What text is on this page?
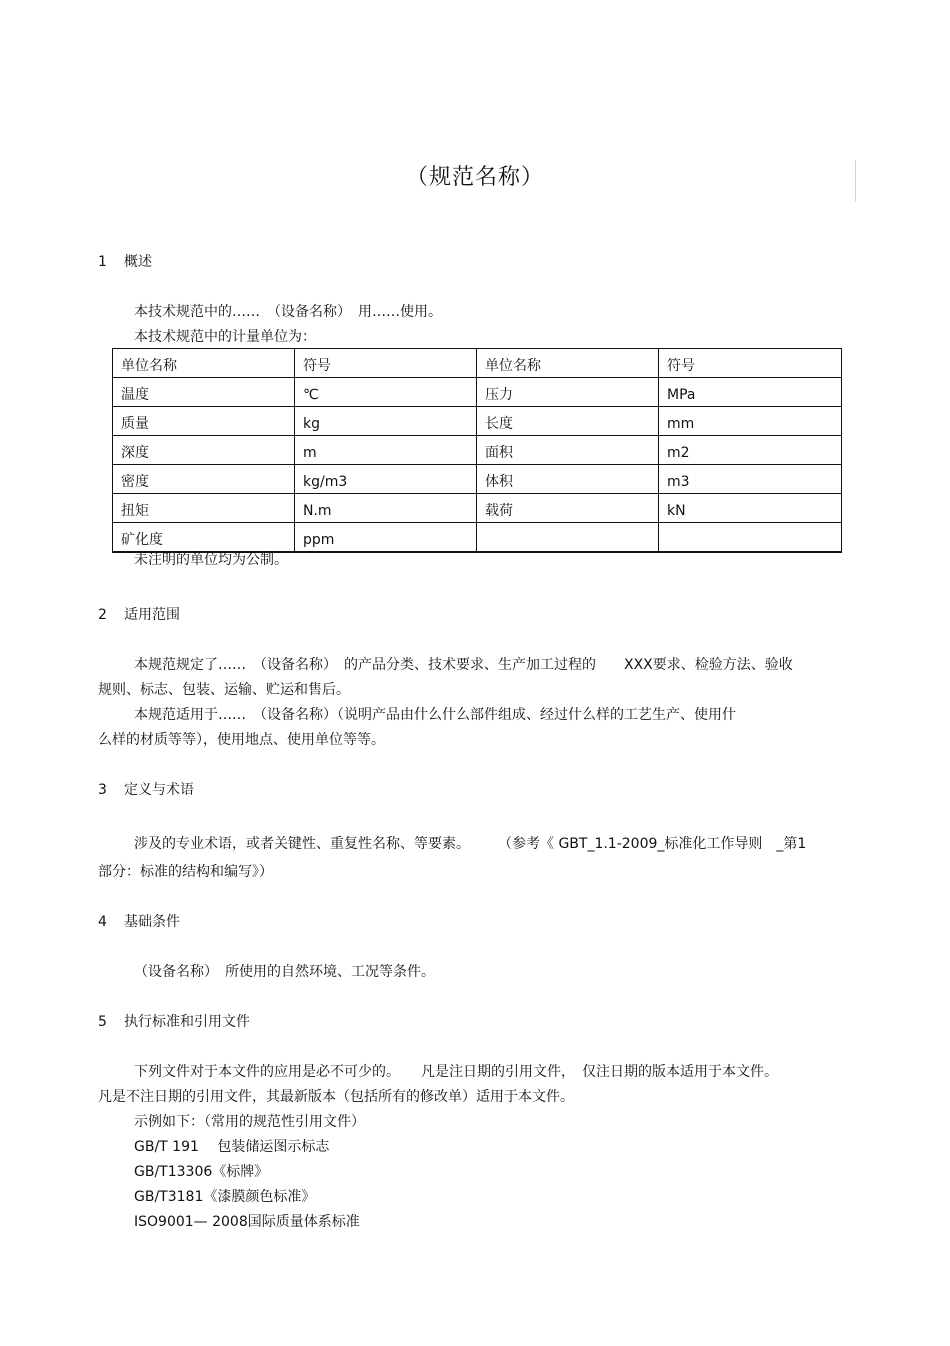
（规范名称）
1 概述
本技术规范中的……　（设备名称）　用……使用。
本技术规范中的计量单位为：
单位名称	符号	单位名称	符号
温度	℃	压力	MPa
质量	kg	长度	mm
深度	m	面积	m2
密度	kg/m3	体积	m3
扭矩	N.m	载荷	kN
矿化度	ppm		
未注明的单位均为公制。
2 适用范围
本规范规定了……　（设备名称）　的产品分类、技术要求、生产加工过程的　　XXX要求、检验方法、验收
规则、标志、包装、运输、贮运和售后。
本规范适用于……　（设备名称）（说明产品由什么什么部件组成、经过什么样的工艺生产、使用什
么样的材质等等），使用地点、使用单位等等。
3 定义与术语
涉及的专业术语，或者关键性、重复性名称、等要素。　　　（参考《 GBT_1.1-2009_标准化工作导则　_第1
部分：标准的结构和编写》）
4 基础条件
（设备名称）　所使用的自然环境、工况等条件。
5 执行标准和引用文件
下列文件对于本文件的应用是必不可少的。　　凡是注日期的引用文件，　仅注日期的版本适用于本文件。
凡是不注日期的引用文件，其最新版本（包括所有的修改单）适用于本文件。
示例如下：（常用的规范性引用文件）
GB/T 191　 包装储运图示标志
GB/T13306《标牌》
GB/T3181《漆膜颜色标准》
ISO9001— 2008国际质量体系标准
